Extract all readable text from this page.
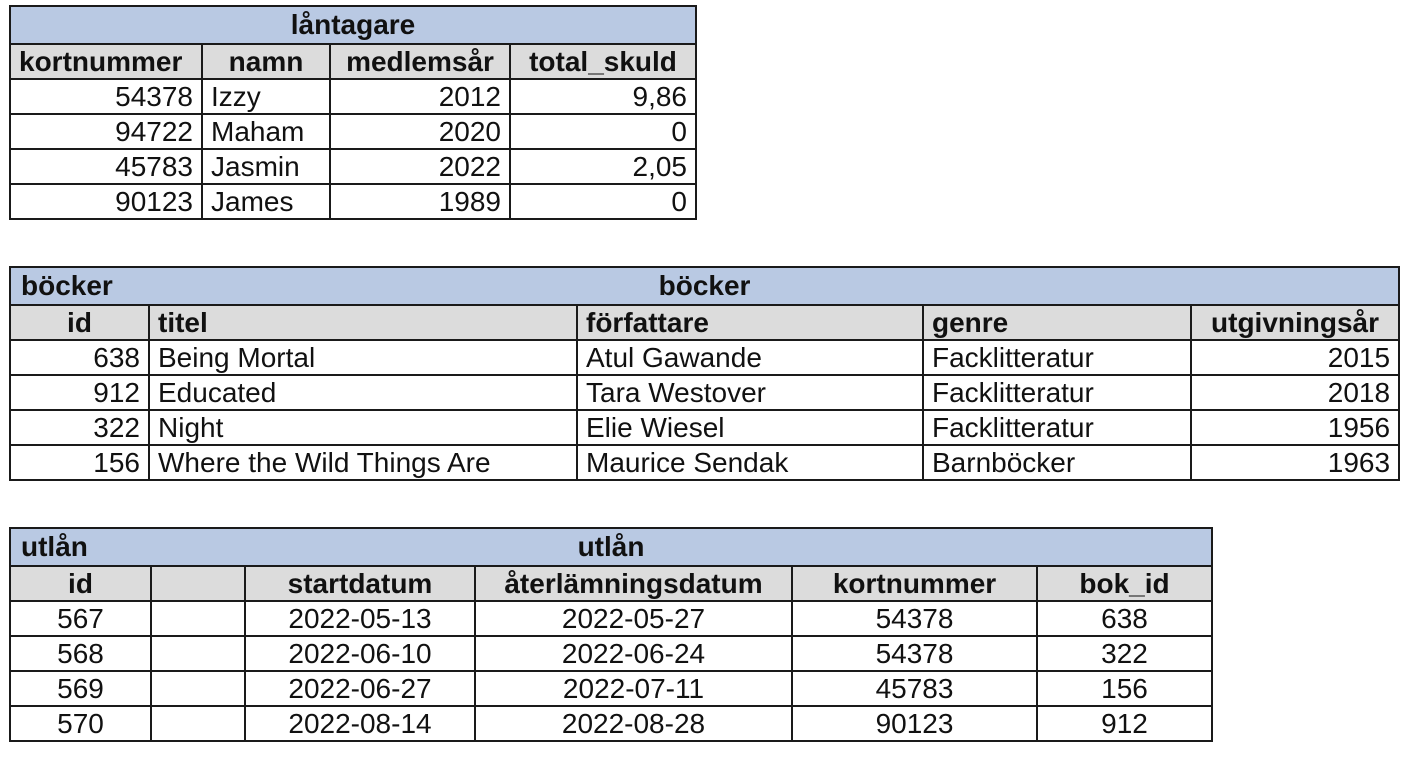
låntagare			
kortnummer	namn	medlemsår	total_skuld
54378	Izzy	2012	9,86
94722	Maham	2020	0
45783	Jasmin	2022	2,05
90123	James	1989	0
böcker böcker				
id	titel	författare	genre	utgivningsår
638	Being Mortal	Atul Gawande	Facklitteratur	2015
912	Educated	Tara Westover	Facklitteratur	2018
322	Night	Elie Wiesel	Facklitteratur	1956
156	Where the Wild Things Are	Maurice Sendak	Barnböcker	1963
utlån utlån					
id		startdatum	återlämningsdatum	kortnummer	bok_id
567		2022-05-13	2022-05-27	54378	638
568		2022-06-10	2022-06-24	54378	322
569		2022-06-27	2022-07-11	45783	156
570		2022-08-14	2022-08-28	90123	912
